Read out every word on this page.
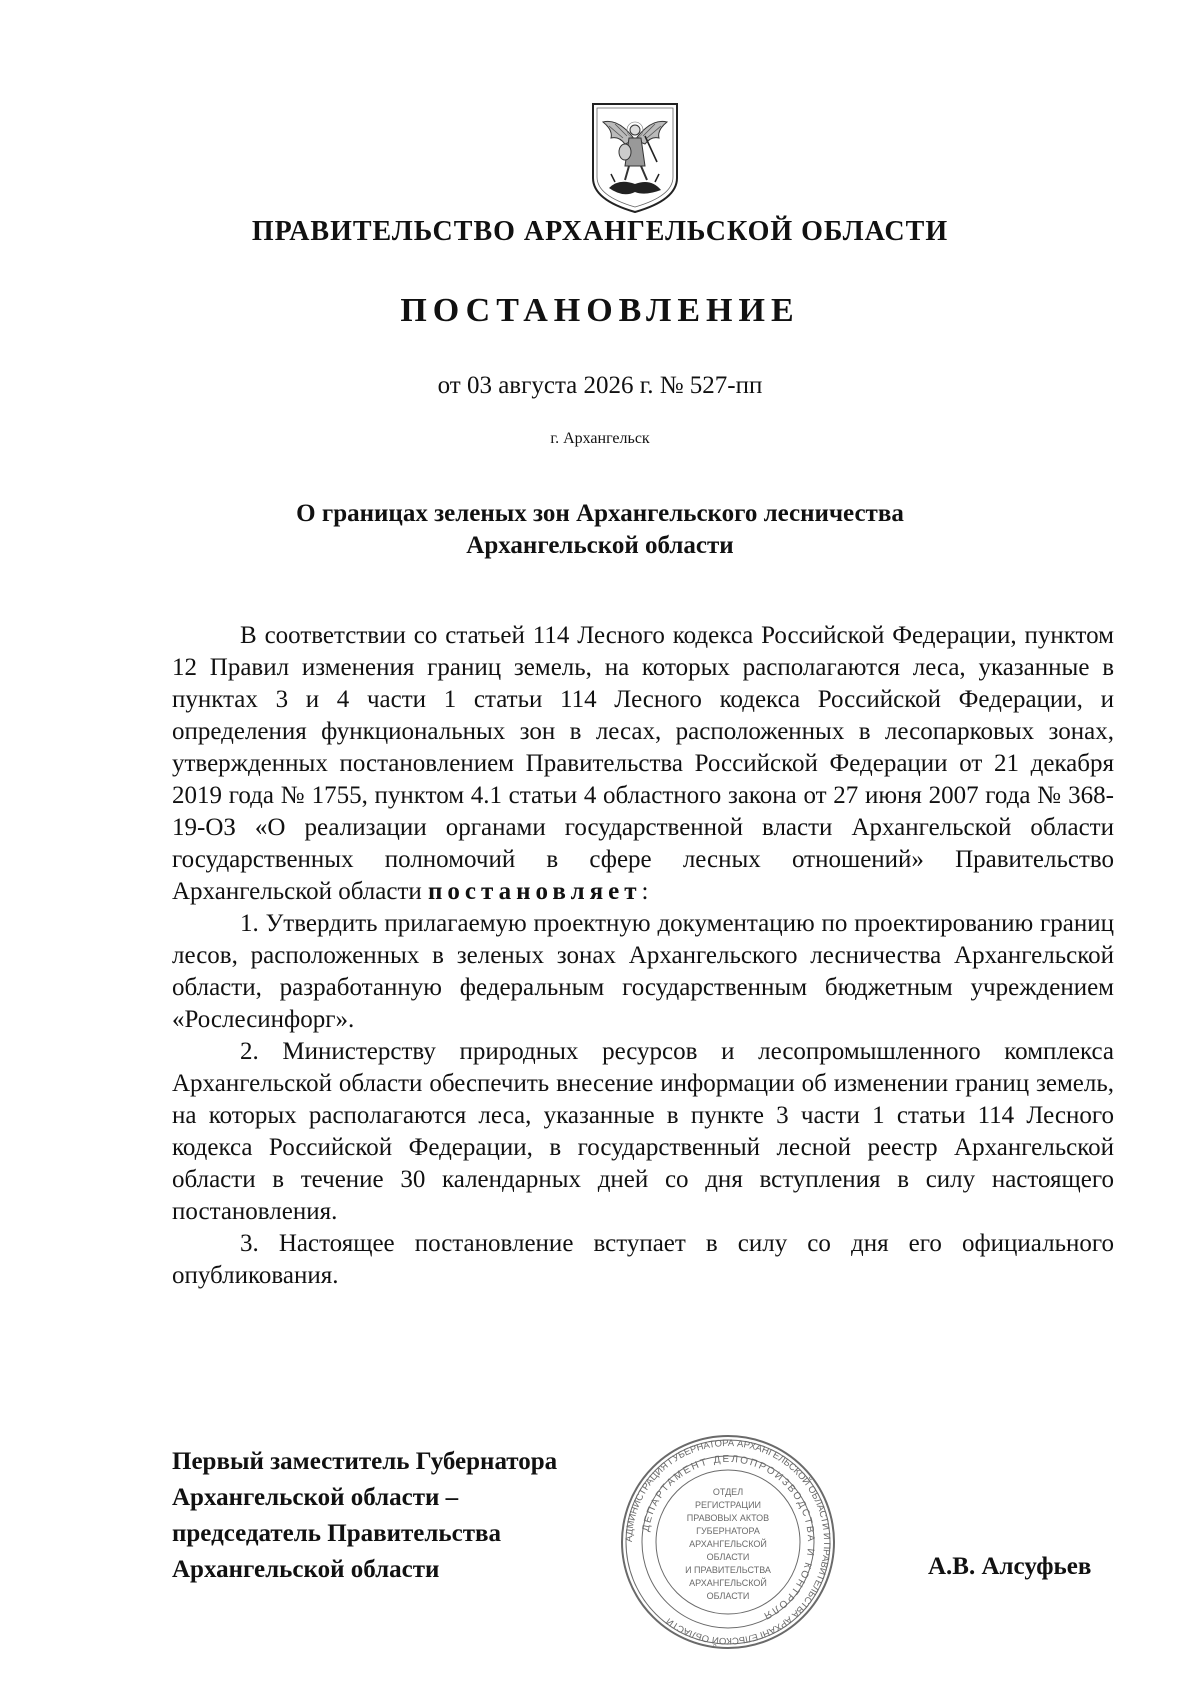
ПРАВИТЕЛЬСТВО АРХАНГЕЛЬСКОЙ ОБЛАСТИ
ПОСТАНОВЛЕНИЕ
от 03 августа 2026 г. № 527-пп
г. Архангельск
О границах зеленых зон Архангельского лесничества
Архангельской области

В соответствии со статьей 114 Лесного кодекса Российской Федерации, пунктом 12 Правил изменения границ земель, на которых располагаются леса, указанные в пунктах 3 и 4 части 1 статьи 114 Лесного кодекса Российской Федерации, и определения функциональных зон в лесах, расположенных в лесопарковых зонах, утвержденных постановлением Правительства Российской Федерации от 21 декабря 2019 года № 1755, пунктом 4.1 статьи 4 областного закона от 27 июня 2007 года № 368-19-ОЗ «О реализации органами государственной власти Архангельской области государственных полномочий в сфере лесных отношений» Правительство Архангельской области постановляет:

1. Утвердить прилагаемую проектную документацию по проектированию границ лесов, расположенных в зеленых зонах Архангельского лесничества Архангельской области, разработанную федеральным государственным бюджетным учреждением «Рослесинфорг».

2. Министерству природных ресурсов и лесопромышленного комплекса Архангельской области обеспечить внесение информации об изменении границ земель, на которых располагаются леса, указанные в пункте 3 части 1 статьи 114 Лесного кодекса Российской Федерации, в государственный лесной реестр Архангельской области в течение 30 календарных дней со дня вступления в силу настоящего постановления.

3. Настоящее постановление вступает в силу со дня его официального опубликования.

Первый заместитель Губернатора
Архангельской области –
председатель Правительства
Архангельской области
АДМИНИСТРАЦИЯ ГУБЕРНАТОРА АРХАНГЕЛЬСКОЙ ОБЛАСТИ И ПРАВИТЕЛЬСТВА АРХАНГЕЛЬСКОЙ ОБЛАСТИ
ДЕПАРТАМЕНТ ДЕЛОПРОИЗВОДСТВА И КОНТРОЛЯ
ОТДЕЛ
РЕГИСТРАЦИИ
ПРАВОВЫХ АКТОВ
ГУБЕРНАТОРА
АРХАНГЕЛЬСКОЙ
ОБЛАСТИ
И ПРАВИТЕЛЬСТВА
АРХАНГЕЛЬСКОЙ
ОБЛАСТИ
А.В. Алсуфьев
